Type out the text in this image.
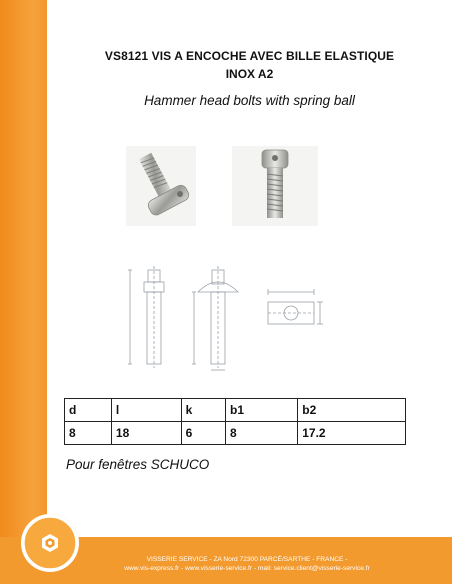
VS8121 VIS A ENCOCHE AVEC BILLE ELASTIQUE
INOX A2
Hammer head bolts with spring ball
d	l	k	b1	b2
8	18	6	8	17.2
Pour fenêtres SCHUCO
VISSERIE SERVICE - ZA Nord 72300 PARCÉ/SARTHE - FRANCE -
www.vis-express.fr - www.visserie-service.fr - mail: service.client@visserie-service.fr
